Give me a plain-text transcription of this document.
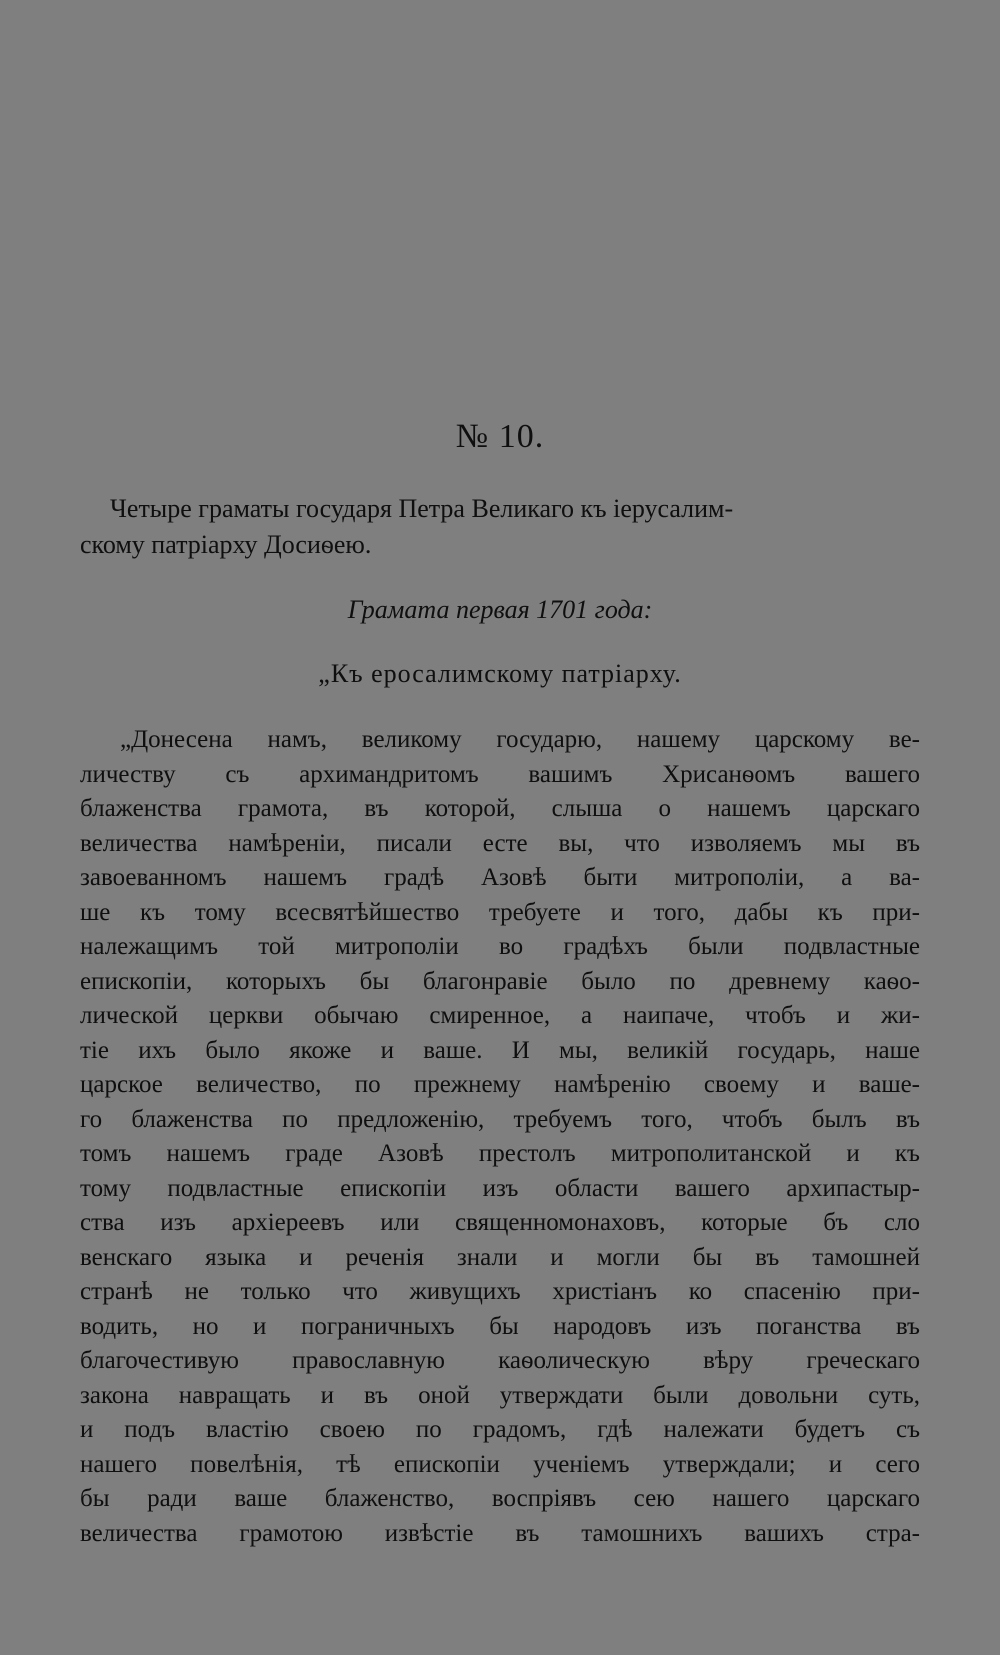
№ 10.
Четыре граматы государя Петра Великаго къ іерусалим-
скому патріарху Досиѳею.
Грамата первая 1701 года:
„Къ еросалимскому патріарху.
„Донесена намъ, великому государю, нашему царскому ве-
личеству съ архимандритомъ вашимъ Хрисанѳомъ вашего
блаженства грамота, въ которой, слыша о нашемъ царскаго
величества намѣреніи, писали есте вы, что изволяемъ мы въ
завоеванномъ нашемъ градѣ Азовѣ быти митрополіи, а ва-
ше къ тому всесвятѣйшество требуете и того, дабы къ при-
належащимъ той митрополіи во градѣхъ были подвластные
епископіи, которыхъ бы благонравіе было по древнему каѳо-
лической церкви обычаю смиренное, а наипаче, чтобъ и жи-
тіе ихъ было якоже и ваше. И мы, великій государь, наше
царское величество, по прежнему намѣренію своему и ваше-
го блаженства по предложенію, требуемъ того, чтобъ былъ въ
томъ нашемъ граде Азовѣ престолъ митрополитанской и къ
тому подвластные епископіи изъ области вашего архипастыр-
ства изъ архіереевъ или священномонаховъ, которые бъ сло
венскаго языка и реченія знали и могли бы въ тамошней
странѣ не только что живущихъ христіанъ ко спасенію при-
водить, но и пограничныхъ бы народовъ изъ поганства въ
благочестивую православную каѳолическую вѣру греческаго
закона навращать и въ оной утверждати были довольни суть,
и подъ властію своею по градомъ, гдѣ належати будетъ съ
нашего повелѣнія, тѣ епископіи ученіемъ утверждали; и сего
бы ради ваше блаженство, воспріявъ сею нашего царскаго
величества грамотою извѣстіе въ тамошнихъ вашихъ стра-
